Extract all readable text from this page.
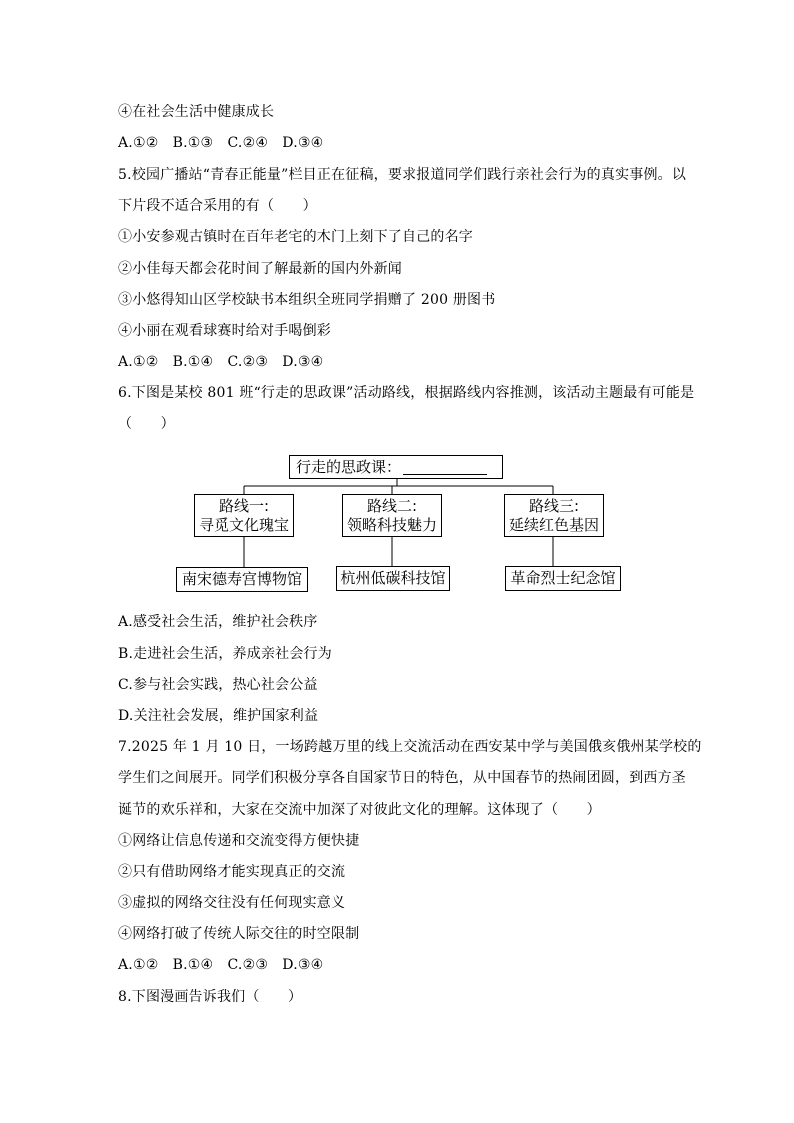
④在社会生活中健康成长
A.①②　B.①③　C.②④　D.③④
5.校园广播站“青春正能量”栏目正在征稿，要求报道同学们践行亲社会行为的真实事例。以
下片段不适合采用的有（　　）
①小安参观古镇时在百年老宅的木门上刻下了自己的名字
②小佳每天都会花时间了解最新的国内外新闻
③小悠得知山区学校缺书本组织全班同学捐赠了 200 册图书
④小丽在观看球赛时给对手喝倒彩
A.①②　B.①④　C.②③　D.③④
6.下图是某校 801 班“行走的思政课”活动路线，根据路线内容推测，该活动主题最有可能是
（　　）
行走的思政课：
路线一:
寻觅文化瑰宝
路线二:
领略科技魅力
路线三:
延续红色基因
南宋德寿宫博物馆	杭州低碳科技馆	革命烈士纪念馆
A.感受社会生活，维护社会秩序
B.走进社会生活，养成亲社会行为
C.参与社会实践，热心社会公益
D.关注社会发展，维护国家利益
7.2025 年 1 月 10 日，一场跨越万里的线上交流活动在西安某中学与美国俄亥俄州某学校的
学生们之间展开。同学们积极分享各自国家节日的特色，从中国春节的热闹团圆，到西方圣
诞节的欢乐祥和，大家在交流中加深了对彼此文化的理解。这体现了（　　）
①网络让信息传递和交流变得方便快捷
②只有借助网络才能实现真正的交流
③虚拟的网络交往没有任何现实意义
④网络打破了传统人际交往的时空限制
A.①②　B.①④　C.②③　D.③④
8.下图漫画告诉我们（　　）
